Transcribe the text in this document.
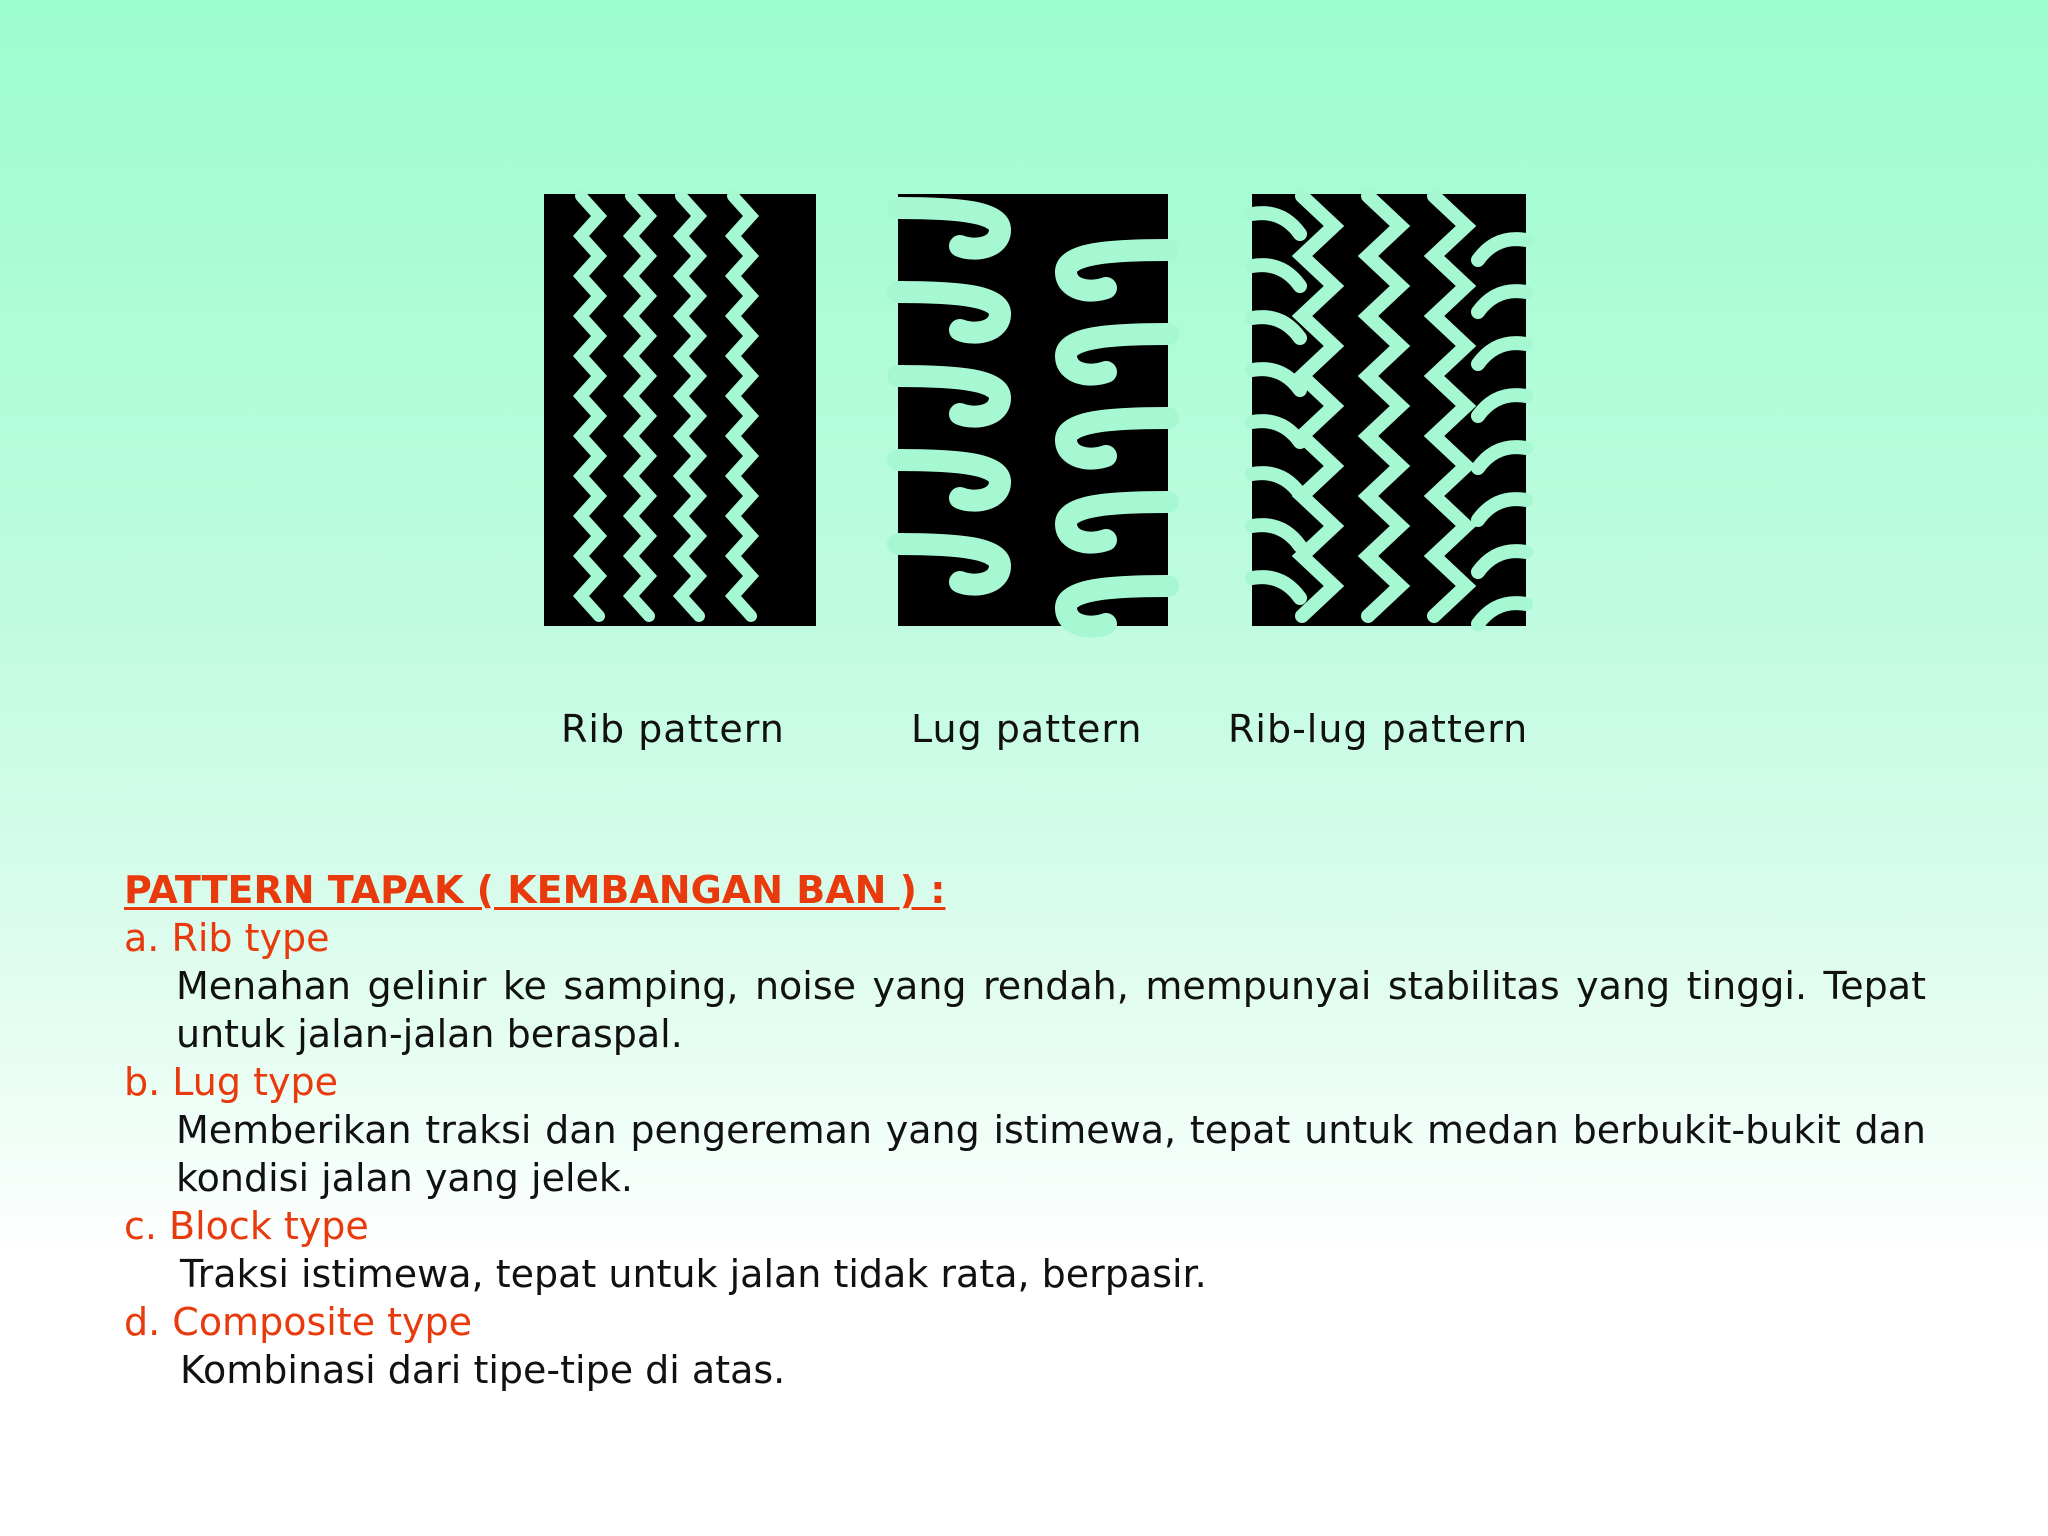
Rib pattern	Lug pattern Rib-lug pattern
PATTERN TAPAK ( KEMBANGAN BAN ) :
a. Rib type
Menahan gelinir ke samping, noise yang rendah, mempunyai stabilitas yang tinggi. Tepat untuk jalan-jalan beraspal.
b. Lug type
Memberikan traksi dan pengereman yang istimewa, tepat untuk medan berbukit-bukit dan kondisi jalan yang jelek.
c. Block type
Traksi istimewa, tepat untuk jalan tidak rata, berpasir.
d. Composite type
Kombinasi dari tipe-tipe di atas.
